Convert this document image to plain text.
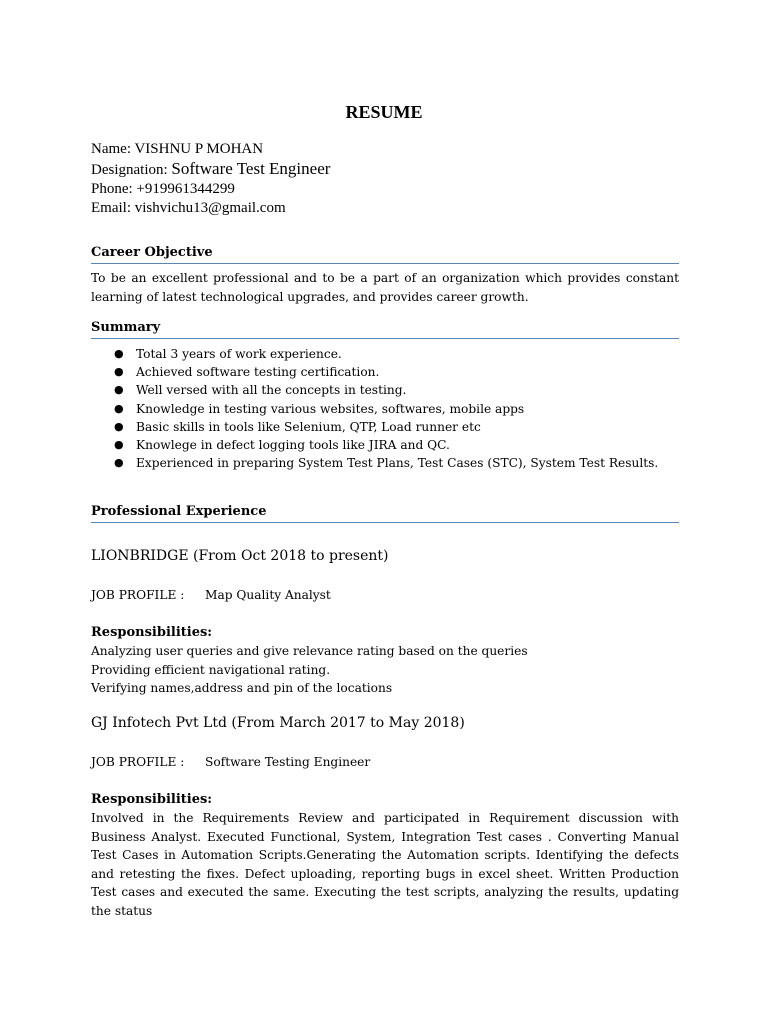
RESUME
Name: VISHNU P MOHAN
Designation: Software Test Engineer
Phone: +919961344299
Email: vishvichu13@gmail.com
Career Objective
To be an excellent professional and to be a part of an organization which provides constant learning of latest technological upgrades, and provides career growth.
Summary
● Total 3 years of work experience.
● Achieved software testing certification.
● Well versed with all the concepts in testing.
● Knowledge in testing various websites, softwares, mobile apps
● Basic skills in tools like Selenium, QTP, Load runner etc
● Knowlege in defect logging tools like JIRA and QC.
● Experienced in preparing System Test Plans, Test Cases (STC), System Test Results.
Professional Experience
LIONBRIDGE (From Oct 2018 to present)
JOB PROFILE : Map Quality Analyst
Responsibilities:
Analyzing user queries and give relevance rating based on the queries
Providing efficient navigational rating.
Verifying names,address and pin of the locations
GJ Infotech Pvt Ltd (From March 2017 to May 2018)
JOB PROFILE : Software Testing Engineer
Responsibilities:
Involved in the Requirements Review and participated in Requirement discussion with Business Analyst. Executed Functional, System, Integration Test cases . Converting Manual Test Cases in Automation Scripts.Generating the Automation scripts. Identifying the defects and retesting the fixes. Defect uploading, reporting bugs in excel sheet. Written Production Test cases and executed the same. Executing the test scripts, analyzing the results, updating the status
